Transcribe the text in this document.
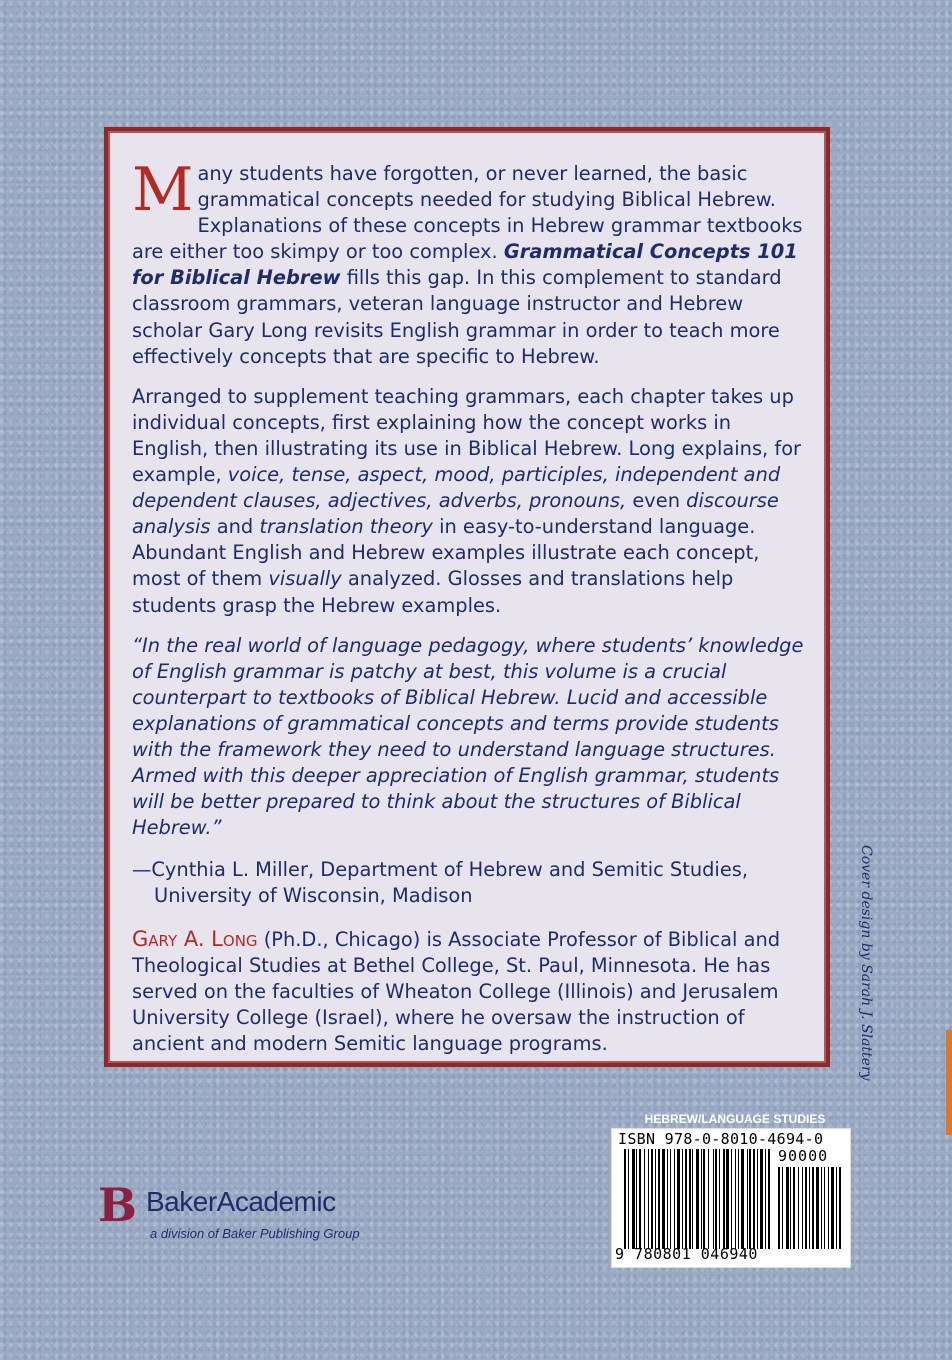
Many students have forgotten, or never learned, the basic grammatical concepts needed for studying Biblical Hebrew. Explanations of these concepts in Hebrew grammar textbooks are either too skimpy or too complex. Grammatical Concepts 101 for Biblical Hebrew fills this gap. In this complement to standard classroom grammars, veteran language instructor and Hebrew scholar Gary Long revisits English grammar in order to teach more effectively concepts that are specific to Hebrew.

Arranged to supplement teaching grammars, each chapter takes up individual concepts, first explaining how the concept works in English, then illustrating its use in Biblical Hebrew. Long explains, for example, voice, tense, aspect, mood, participles, independent and dependent clauses, adjectives, adverbs, pronouns, even discourse analysis and translation theory in easy-to-understand language. Abundant English and Hebrew examples illustrate each concept, most of them visually analyzed. Glosses and translations help students grasp the Hebrew examples.

“In the real world of language pedagogy, where students’ knowledge of English grammar is patchy at best, this volume is a crucial counterpart to textbooks of Biblical Hebrew. Lucid and accessible explanations of grammatical concepts and terms provide students with the framework they need to understand language structures. Armed with this deeper appreciation of English grammar, students will be better prepared to think about the structures of Biblical Hebrew.”

—Cynthia L. Miller, Department of Hebrew and Semitic Studies,
University of Wisconsin, Madison

Gary A. Long (Ph.D., Chicago) is Associate Professor of Biblical and Theological Studies at Bethel College, St. Paul, Minnesota. He has served on the faculties of Wheaton College (Illinois) and Jerusalem University College (Israel), where he oversaw the instruction of ancient and modern Semitic language programs.	Cover design by Sarah J. Slattery
HEBREW/LANGUAGE STUDIES
ISBN 978-0-8010-4694-0
90000
9 780801 046940
B BakerAcademic
a division of Baker Publishing Group
